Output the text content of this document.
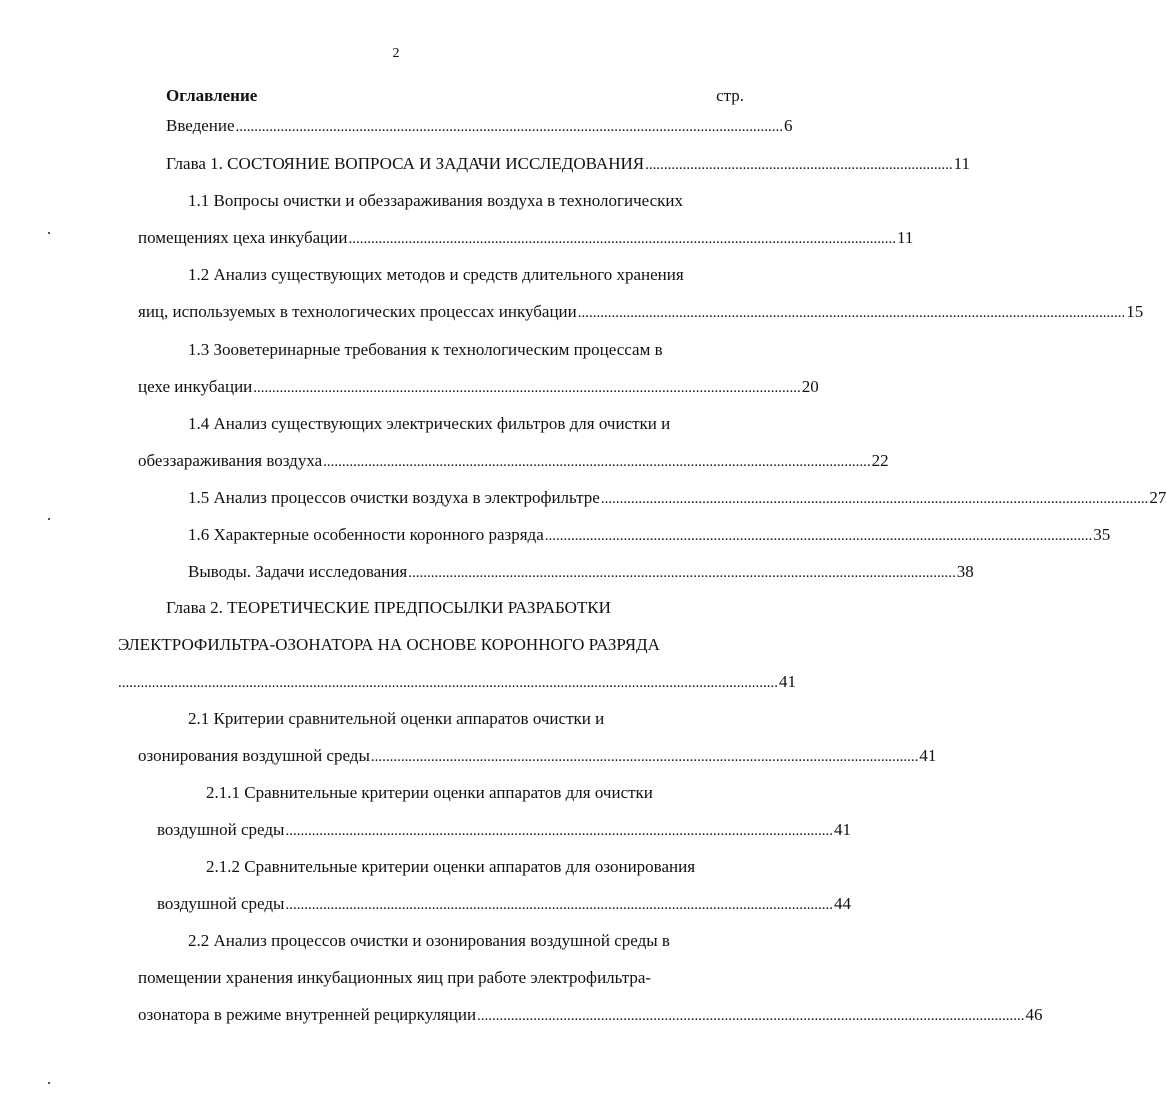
2
Оглавление	стр.
Введение .................................................................................................................................................. 6
Глава 1. СОСТОЯНИЕ ВОПРОСА И ЗАДАЧИ ИССЛЕДОВАНИЯ .................................................................................. 11
1.1 Вопросы очистки и обеззараживания воздуха в технологических
помещениях цеха инкубации .................................................................................................................................................. 11
1.2 Анализ существующих методов и средств длительного хранения
яиц, используемых в технологических процессах инкубации .................................................................................................................................................. 15
1.3 Зооветеринарные требования к технологическим процессам в
цехе инкубации .................................................................................................................................................. 20
1.4 Анализ существующих электрических фильтров для очистки и
обеззараживания воздуха .................................................................................................................................................. 22
1.5 Анализ процессов очистки воздуха в электрофильтре .................................................................................................................................................. 27
1.6 Характерные особенности коронного разряда .................................................................................................................................................. 35
Выводы. Задачи исследования .................................................................................................................................................. 38
Глава 2. ТЕОРЕТИЧЕСКИЕ ПРЕДПОСЫЛКИ РАЗРАБОТКИ
ЭЛЕКТРОФИЛЬТРА-ОЗОНАТОРА НА ОСНОВЕ КОРОННОГО РАЗРЯДА
................................................................................................................................................................................ 41
2.1 Критерии сравнительной оценки аппаратов очистки и
озонирования воздушной среды .................................................................................................................................................. 41
2.1.1 Сравнительные критерии оценки аппаратов для очистки
воздушной среды .................................................................................................................................................. 41
2.1.2 Сравнительные критерии оценки аппаратов для озонирования
воздушной среды .................................................................................................................................................. 44
2.2 Анализ процессов очистки и озонирования воздушной среды в
помещении хранения инкубационных яиц при работе электрофильтра-
озонатора в режиме внутренней рециркуляции .................................................................................................................................................. 46
